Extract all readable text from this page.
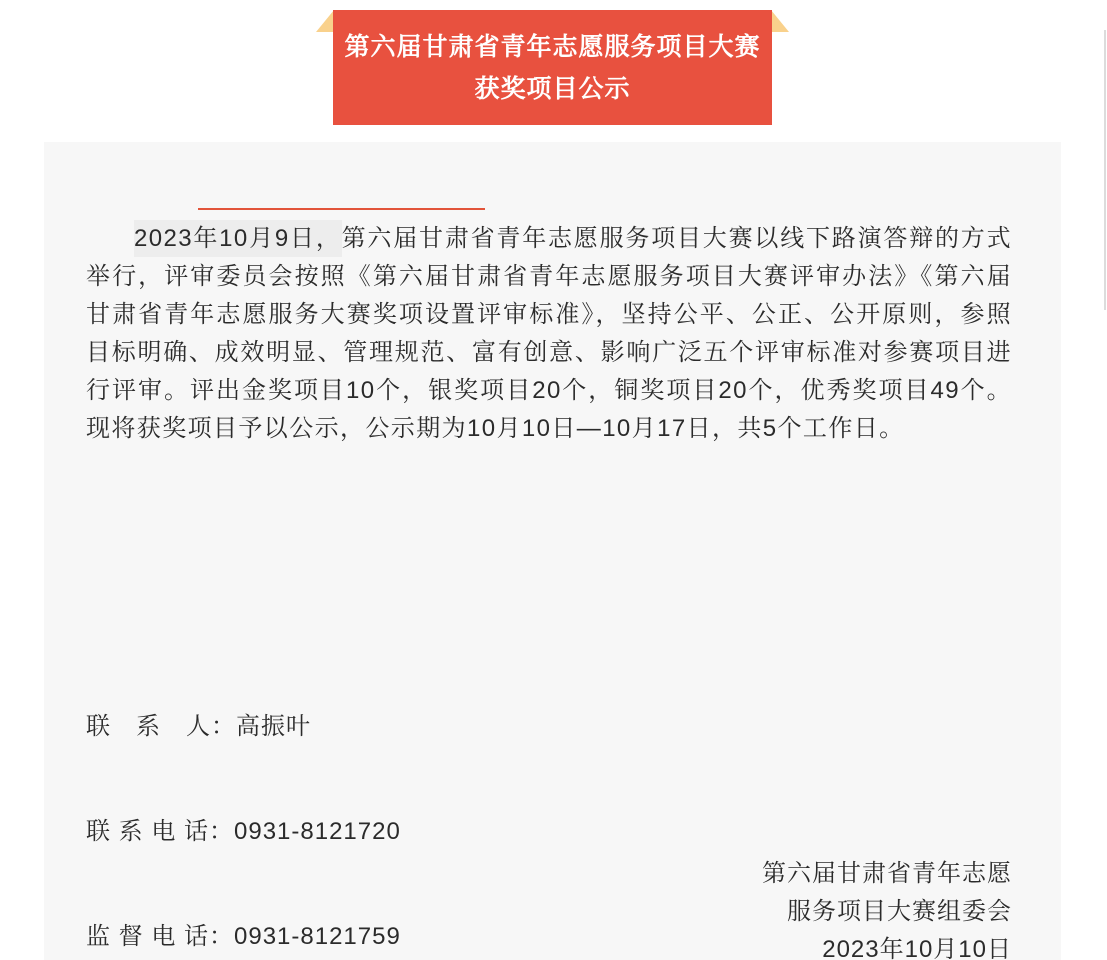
第六届甘肃省青年志愿服务项目大赛
获奖项目公示

2023年10月9日，第六届甘肃省青年志愿服务项目大赛以线下路演答辩的方式举行，评审委员会按照《第六届甘肃省青年志愿服务项目大赛评审办法》《第六届甘肃省青年志愿服务大赛奖项设置评审标准》，坚持公平、公正、公开原则，参照目标明确、成效明显、管理规范、富有创意、影响广泛五个评审标准对参赛项目进行评审。评出金奖项目10个，银奖项目20个，铜奖项目20个，优秀奖项目49个。现将获奖项目予以公示，公示期为10月10日—10月17日，共5个工作日。

联　系　人：高振叶

联 系 电 话：0931-8121720

监 督 电 话：0931-8121759

第六届甘肃省青年志愿
服务项目大赛组委会
2023年10月10日
